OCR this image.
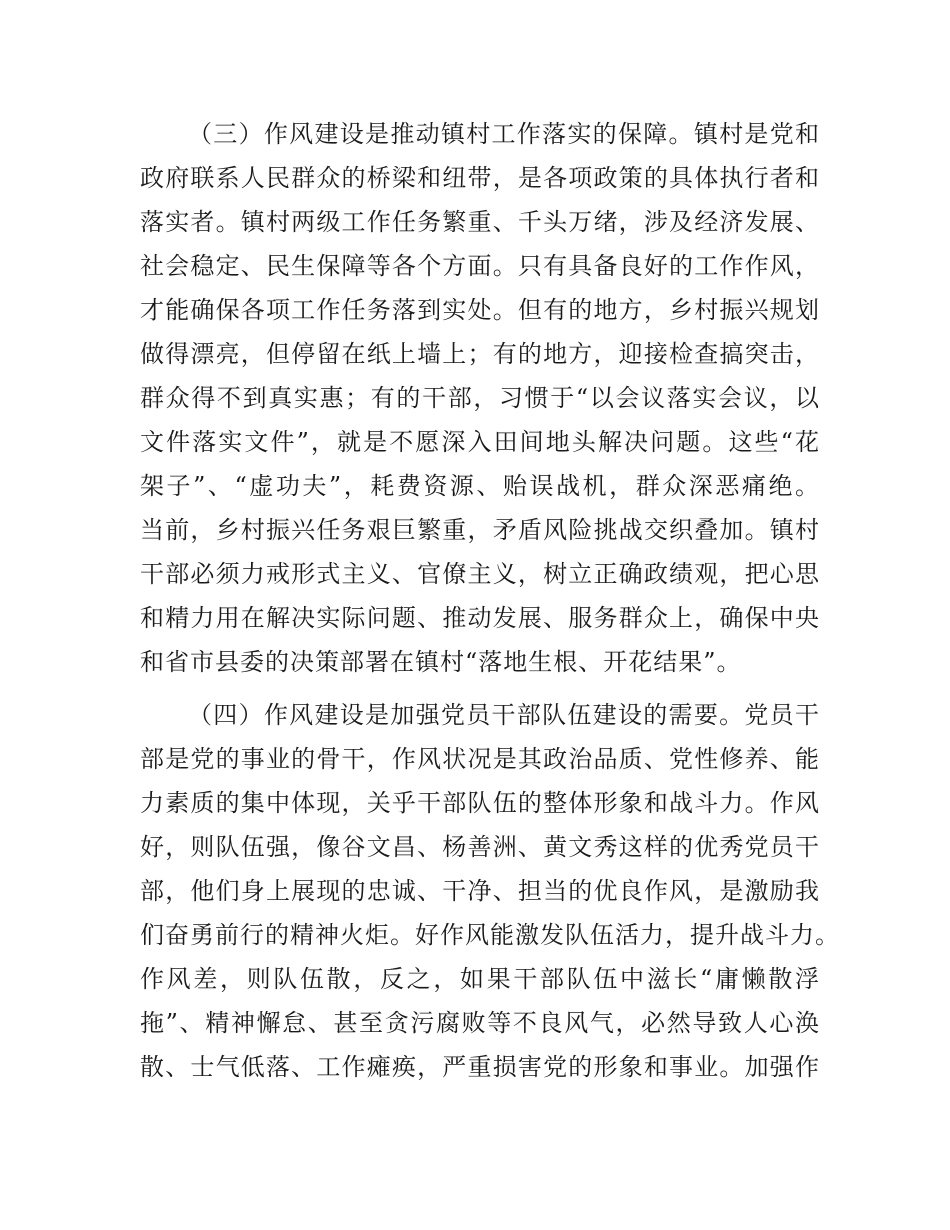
（三）作风建设是推动镇村工作落实的保障。镇村是党和
政府联系人民群众的桥梁和纽带，是各项政策的具体执行者和
落实者。镇村两级工作任务繁重、千头万绪，涉及经济发展、
社会稳定、民生保障等各个方面。只有具备良好的工作作风，
才能确保各项工作任务落到实处。但有的地方，乡村振兴规划
做得漂亮，但停留在纸上墙上；有的地方，迎接检查搞突击，
群众得不到真实惠；有的干部，习惯于“以会议落实会议，以
文件落实文件”，就是不愿深入田间地头解决问题。这些“花
架子”、“虚功夫”，耗费资源、贻误战机，群众深恶痛绝。
当前，乡村振兴任务艰巨繁重，矛盾风险挑战交织叠加。镇村
干部必须力戒形式主义、官僚主义，树立正确政绩观，把心思
和精力用在解决实际问题、推动发展、服务群众上，确保中央
和省市县委的决策部署在镇村“落地生根、开花结果”。
（四）作风建设是加强党员干部队伍建设的需要。党员干
部是党的事业的骨干，作风状况是其政治品质、党性修养、能
力素质的集中体现，关乎干部队伍的整体形象和战斗力。作风
好，则队伍强，像谷文昌、杨善洲、黄文秀这样的优秀党员干
部，他们身上展现的忠诚、干净、担当的优良作风，是激励我
们奋勇前行的精神火炬。好作风能激发队伍活力，提升战斗力。
作风差，则队伍散，反之，如果干部队伍中滋长“庸懒散浮
拖”、精神懈怠、甚至贪污腐败等不良风气，必然导致人心涣
散、士气低落、工作瘫痪，严重损害党的形象和事业。加强作
